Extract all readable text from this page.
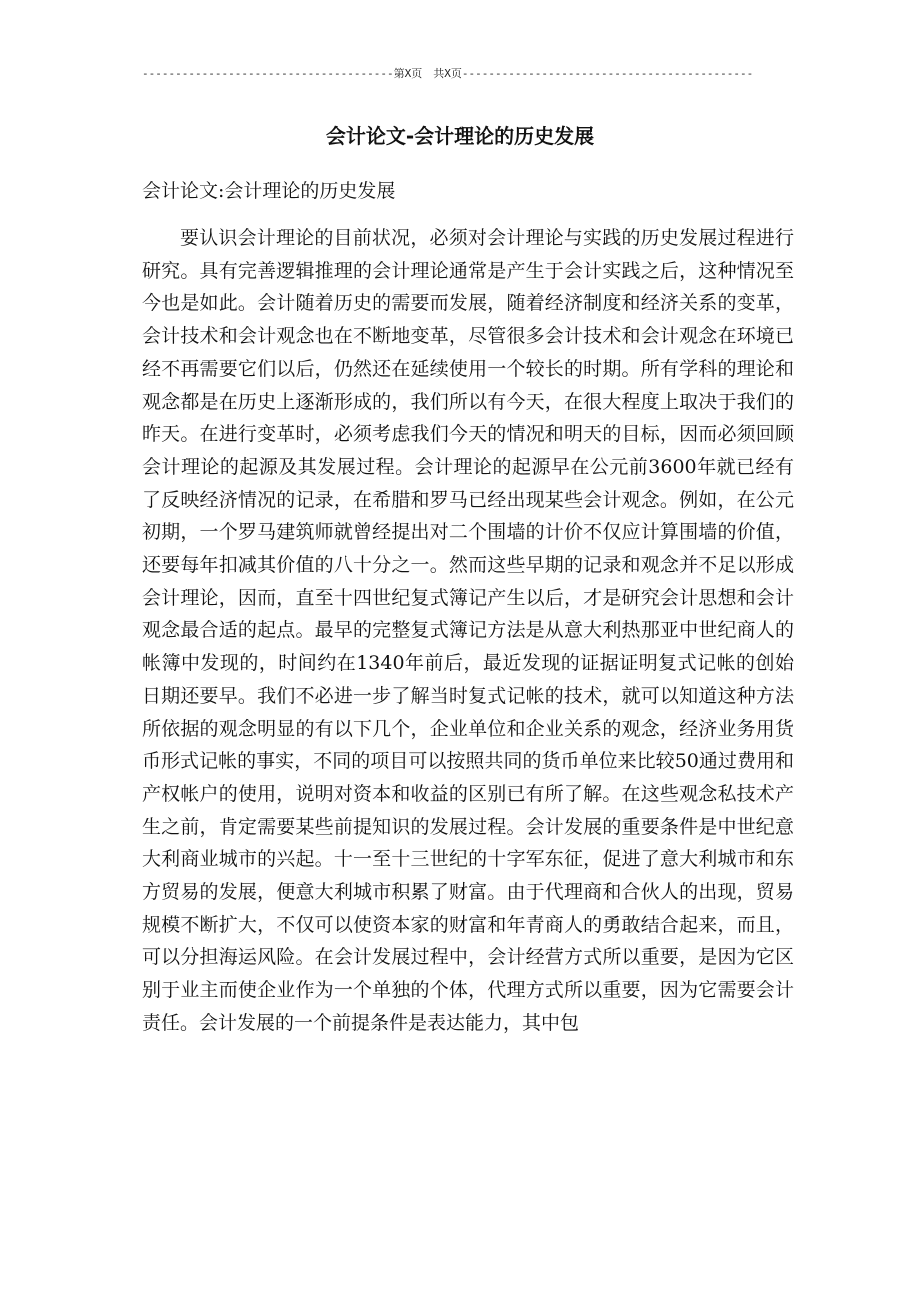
--------------------------------------第X页　共X页--------------------------------------------
会计论文-会计理论的历史发展

会计论文:会计理论的历史发展

要认识会计理论的目前状况，必须对会计理论与实践的历史发展过程进行研究。具有完善逻辑推理的会计理论通常是产生于会计实践之后，这种情况至今也是如此。会计随着历史的需要而发展，随着经济制度和经济关系的变革，会计技术和会计观念也在不断地变革，尽管很多会计技术和会计观念在环境已经不再需要它们以后，仍然还在延续使用一个较长的时期。所有学科的理论和观念都是在历史上逐渐形成的，我们所以有今天，在很大程度上取决于我们的昨天。在进行变革时，必须考虑我们今天的情况和明天的目标，因而必须回顾会计理论的起源及其发展过程。会计理论的起源早在公元前3600年就已经有了反映经济情况的记录，在希腊和罗马已经出现某些会计观念。例如，在公元初期，一个罗马建筑师就曾经提出对二个围墙的计价不仅应计算围墙的价值，还要每年扣减其价值的八十分之一。然而这些早期的记录和观念并不足以形成会计理论，因而，直至十四世纪复式簿记产生以后，才是研究会计思想和会计观念最合适的起点。最早的完整复式簿记方法是从意大利热那亚中世纪商人的帐簿中发现的，时间约在1340年前后，最近发现的证据证明复式记帐的创始日期还要早。我们不必进一步了解当时复式记帐的技术，就可以知道这种方法所依据的观念明显的有以下几个，企业单位和企业关系的观念，经济业务用货币形式记帐的事实，不同的项目可以按照共同的货币单位来比较50通过费用和产权帐户的使用，说明对资本和收益的区别已有所了解。在这些观念私技术产生之前，肯定需要某些前提知识的发展过程。会计发展的重要条件是中世纪意大利商业城市的兴起。十一至十三世纪的十字军东征，促进了意大利城市和东方贸易的发展，便意大利城市积累了财富。由于代理商和合伙人的出现，贸易规模不断扩大，不仅可以使资本家的财富和年青商人的勇敢结合起来，而且，可以分担海运风险。在会计发展过程中，会计经营方式所以重要，是因为它区别于业主而使企业作为一个单独的个体，代理方式所以重要，因为它需要会计责任。会计发展的一个前提条件是表达能力，其中包
